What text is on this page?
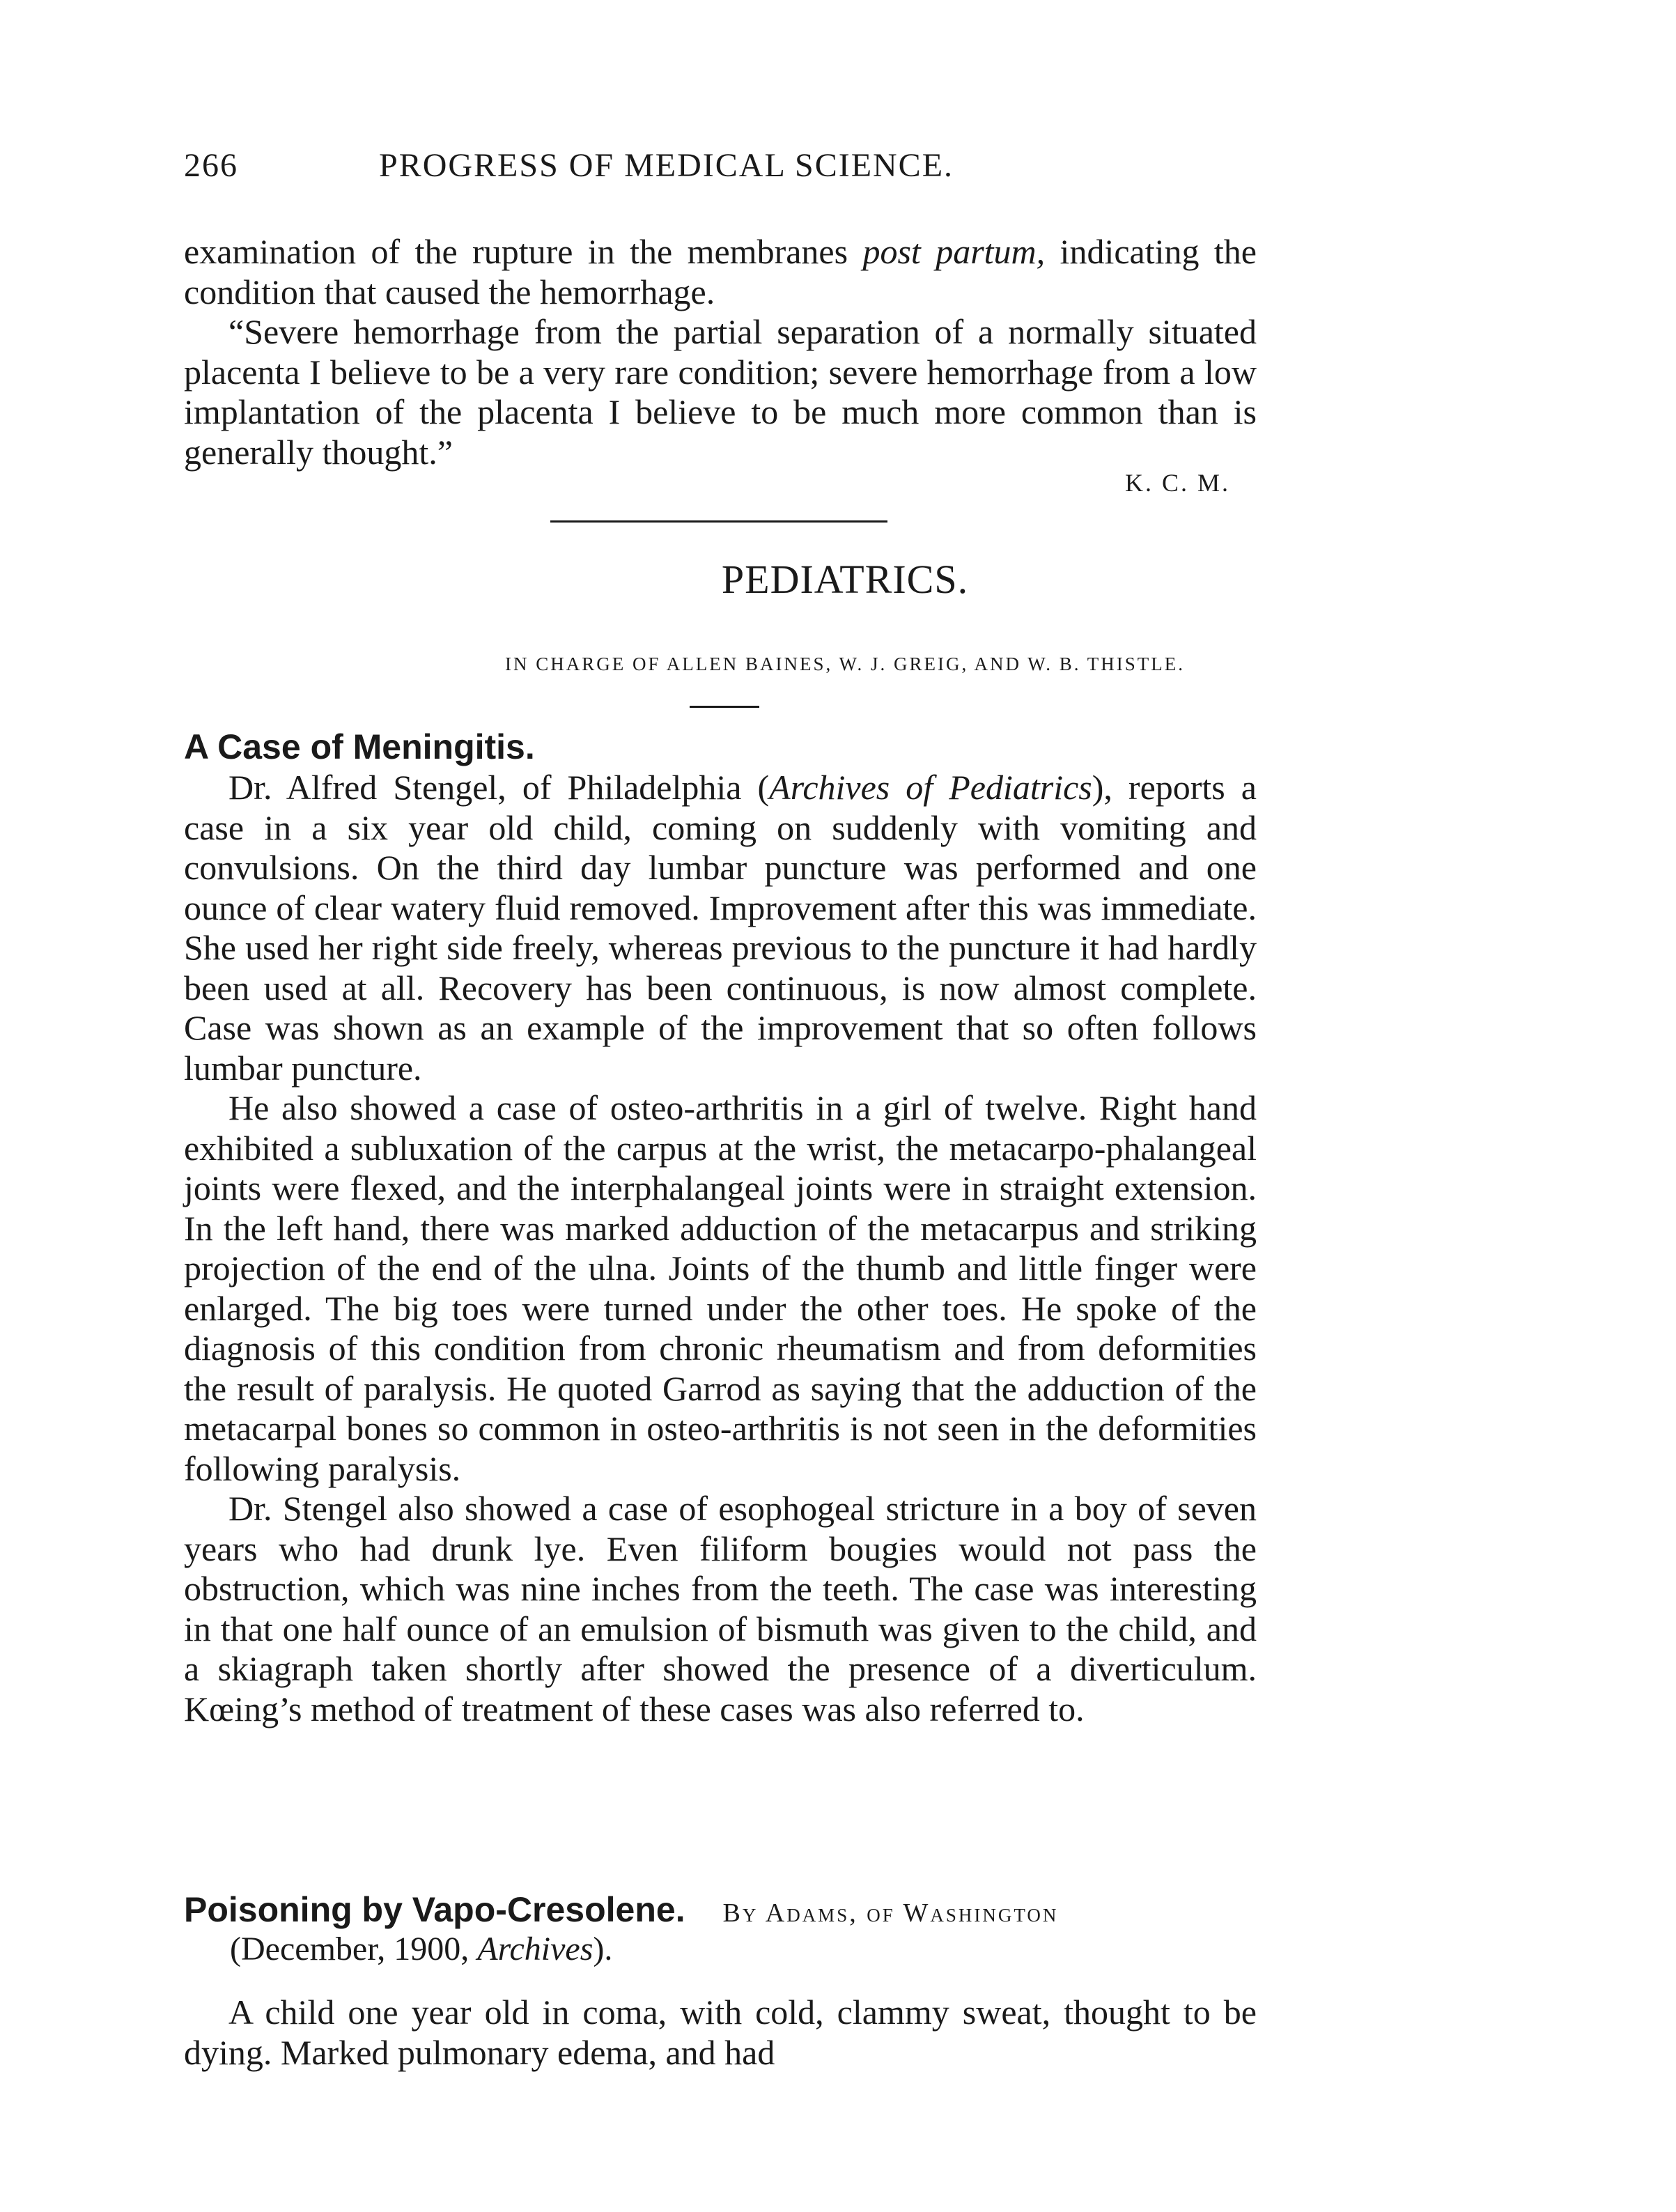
266	PROGRESS OF MEDICAL SCIENCE.

examination of the rupture in the membranes post partum, indicating the condition that caused the hemorrhage.

“Severe hemorrhage from the partial separation of a normally situated placenta I believe to be a very rare condition; severe hemorrhage from a low implantation of the placenta I believe to be much more common than is generally thought.”

K. C. M.
PEDIATRICS.
IN CHARGE OF ALLEN BAINES, W. J. GREIG, AND W. B. THISTLE.
A Case of Meningitis.

Dr. Alfred Stengel, of Philadelphia (Archives of Pediatrics), reports a case in a six year old child, coming on suddenly with vomiting and convulsions. On the third day lumbar puncture was performed and one ounce of clear watery fluid removed. Improvement after this was immediate. She used her right side freely, whereas previous to the puncture it had hardly been used at all. Recovery has been continuous, is now almost complete. Case was shown as an example of the improvement that so often follows lumbar puncture.

He also showed a case of osteo-arthritis in a girl of twelve. Right hand exhibited a subluxation of the carpus at the wrist, the metacarpo-phalangeal joints were flexed, and the interphalangeal joints were in straight extension. In the left hand, there was marked adduction of the metacarpus and striking projection of the end of the ulna. Joints of the thumb and little finger were enlarged. The big toes were turned under the other toes. He spoke of the diagnosis of this condition from chronic rheumatism and from deformities the result of paralysis. He quoted Garrod as saying that the adduction of the metacarpal bones so common in osteo-arthritis is not seen in the deformities following paralysis.

Dr. Stengel also showed a case of esophogeal stricture in a boy of seven years who had drunk lye. Even filiform bougies would not pass the obstruction, which was nine inches from the teeth. The case was interesting in that one half ounce of an emulsion of bismuth was given to the child, and a skiagraph taken shortly after showed the presence of a diverticulum. Kœing’s method of treatment of these cases was also referred to.

Poisoning by Vapo-Cresolene. By Adams, of Washington
(December, 1900, Archives).

A child one year old in coma, with cold, clammy sweat, thought to be dying. Marked pulmonary edema, and had
